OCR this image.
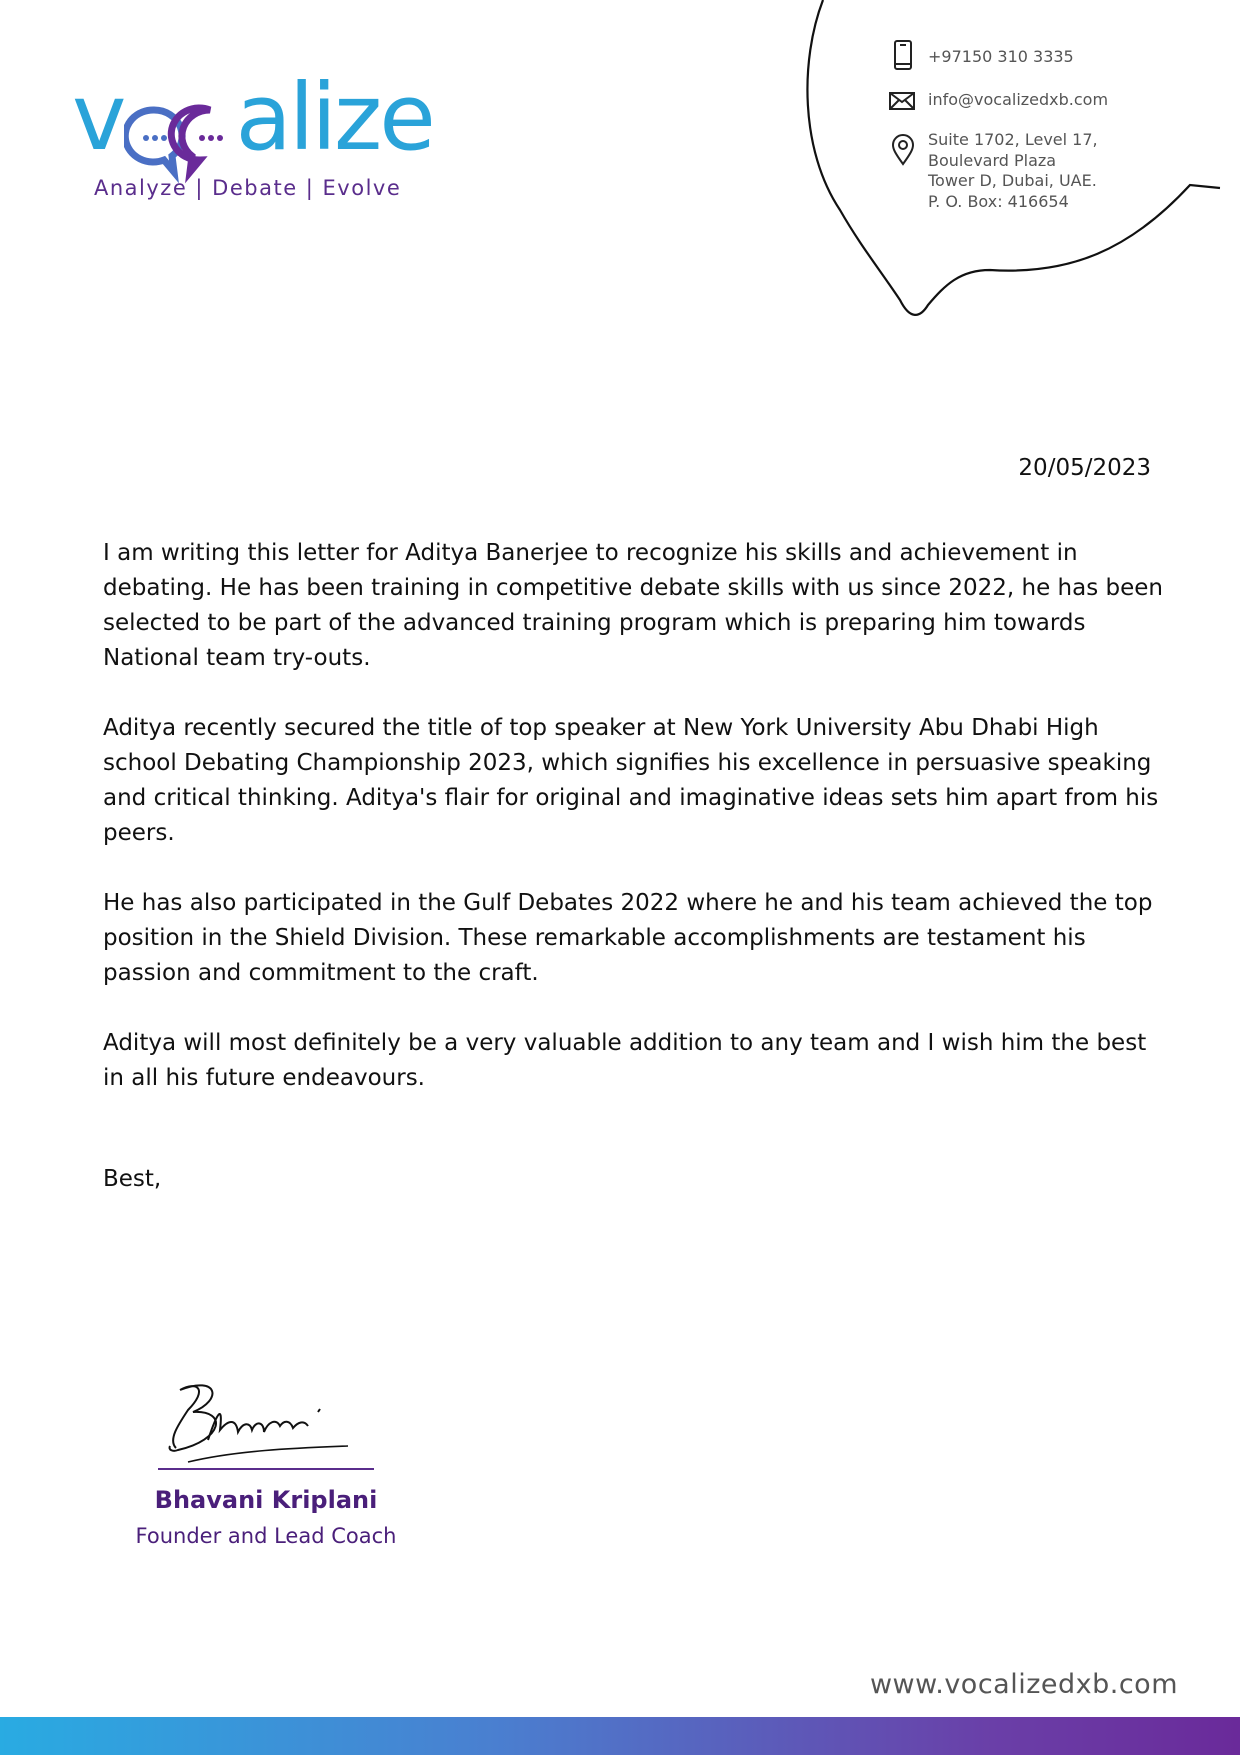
v alize
Analyze | Debate | Evolve
+97150 310 3335
info@vocalizedxb.com
Suite 1702, Level 17,
Boulevard Plaza
Tower D, Dubai, UAE.
P. O. Box: 416654
20/05/2023

I am writing this letter for Aditya Banerjee to recognize his skills and achievement in debating. He has been training in competitive debate skills with us since 2022, he has been selected to be part of the advanced training program which is preparing him towards National team try-outs.

Aditya recently secured the title of top speaker at New York University Abu Dhabi High school Debating Championship 2023, which signifies his excellence in persuasive speaking and critical thinking. Aditya's flair for original and imaginative ideas sets him apart from his peers.

He has also participated in the Gulf Debates 2022 where he and his team achieved the top position in the Shield Division. These remarkable accomplishments are testament his passion and commitment to the craft.

Aditya will most definitely be a very valuable addition to any team and I wish him the best in all his future endeavours.

Best,
Bhavani Kriplani
Founder and Lead Coach
www.vocalizedxb.com
